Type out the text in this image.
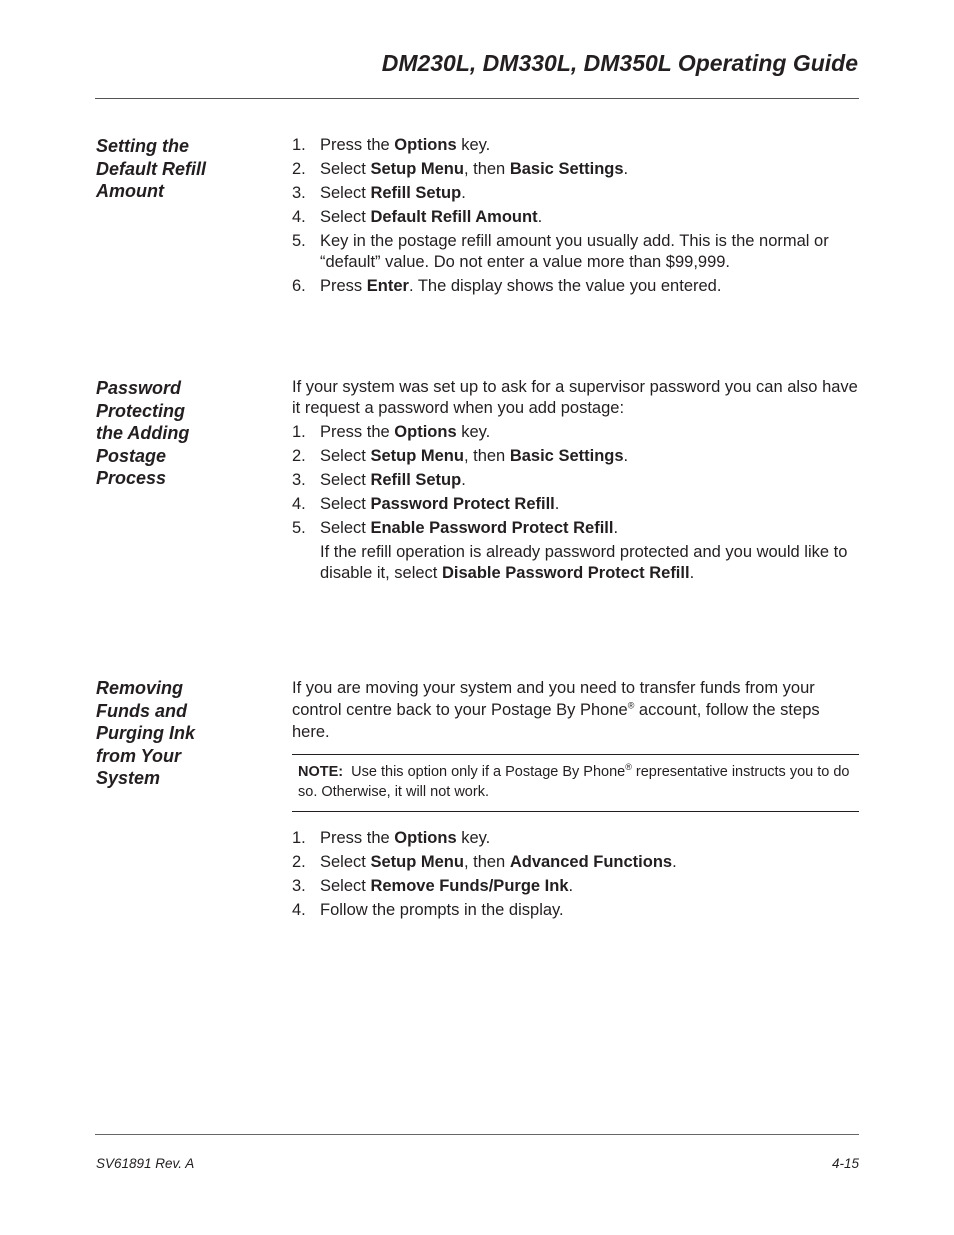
DM230L, DM330L, DM350L Operating Guide
Setting the
Default Refill
Amount
1. Press the Options key.
2. Select Setup Menu, then Basic Settings.
3. Select Refill Setup.
4. Select Default Refill Amount.
5. Key in the postage refill amount you usually add. This is the normal or “default” value. Do not enter a value more than $99,999.
6. Press Enter. The display shows the value you entered.
Password
Protecting
the Adding
Postage
Process

If your system was set up to ask for a supervisor password you can also have it request a password when you add postage:

1. Press the Options key.
2. Select Setup Menu, then Basic Settings.
3. Select Refill Setup.
4. Select Password Protect Refill.
5. Select Enable Password Protect Refill.

If the refill operation is already password protected and you would like to disable it, select Disable Password Protect Refill.

Removing
Funds and
Purging Ink
from Your
System

If you are moving your system and you need to transfer funds from your control centre back to your Postage By Phone® account, follow the steps here.

NOTE: Use this option only if a Postage By Phone® representative instructs you to do so. Otherwise, it will not work.
1. Press the Options key.
2. Select Setup Menu, then Advanced Functions.
3. Select Remove Funds/Purge Ink.
4. Follow the prompts in the display.
SV61891 Rev. A	4-15
